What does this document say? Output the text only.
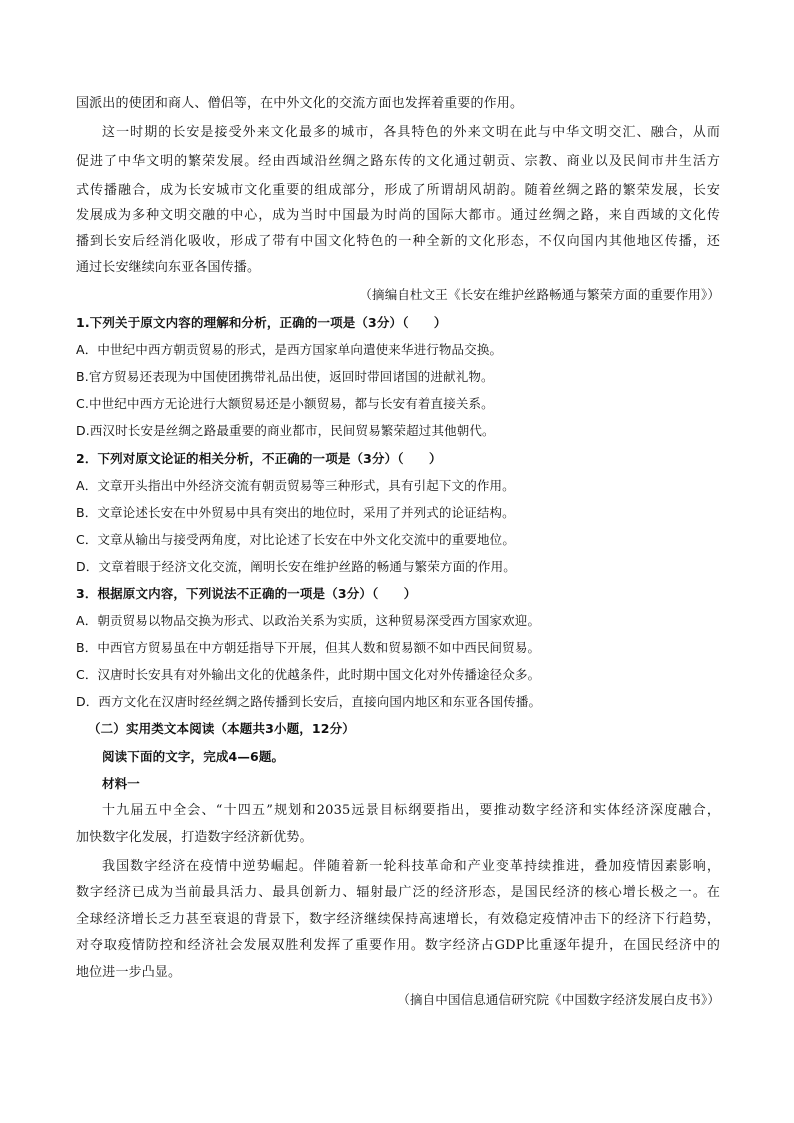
国派出的使团和商人、僧侣等，在中外文化的交流方面也发挥着重要的作用。
这一时期的长安是接受外来文化最多的城市，各具特色的外来文明在此与中华文明交汇、融合，从而
促进了中华文明的繁荣发展。经由西域沿丝绸之路东传的文化通过朝贡、宗教、商业以及民间市井生活方
式传播融合，成为长安城市文化重要的组成部分，形成了所谓胡风胡韵。随着丝绸之路的繁荣发展，长安
发展成为多种文明交融的中心，成为当时中国最为时尚的国际大都市。通过丝绸之路，来自西域的文化传
播到长安后经消化吸收，形成了带有中国文化特色的一种全新的文化形态，不仅向国内其他地区传播，还
通过长安继续向东亚各国传播。
（摘编自杜文王《长安在维护丝路畅通与繁荣方面的重要作用》）
1.下列关于原文内容的理解和分析，正确的一项是（3分）（　　）
A．中世纪中西方朝贡贸易的形式，是西方国家单向遣使来华进行物品交换。
B.官方贸易还表现为中国使团携带礼品出使，返回时带回诸国的进献礼物。
C.中世纪中西方无论进行大额贸易还是小额贸易，都与长安有着直接关系。
D.西汉时长安是丝绸之路最重要的商业都市，民间贸易繁荣超过其他朝代。
2．下列对原文论证的相关分析，不正确的一项是（3分）（　　）
A．文章开头指出中外经济交流有朝贡贸易等三种形式，具有引起下文的作用。
B．文章论述长安在中外贸易中具有突出的地位时，采用了并列式的论证结构。
C．文章从输出与接受两角度，对比论述了长安在中外文化交流中的重要地位。
D．文章着眼于经济文化交流，阐明长安在维护丝路的畅通与繁荣方面的作用。
3．根据原文内容，下列说法不正确的一项是（3分）（　　）
A．朝贡贸易以物品交换为形式、以政治关系为实质，这种贸易深受西方国家欢迎。
B．中西官方贸易虽在中方朝廷指导下开展，但其人数和贸易额不如中西民间贸易。
C．汉唐时长安具有对外输出文化的优越条件，此时期中国文化对外传播途径众多。
D．西方文化在汉唐时经丝绸之路传播到长安后，直接向国内地区和东亚各国传播。
（二）实用类文本阅读（本题共3小题，12分）
阅读下面的文字，完成4—6题。
材料一
十九届五中全会、“十四五”规划和2035远景目标纲要指出，要推动数字经济和实体经济深度融合，
加快数字化发展，打造数字经济新优势。
我国数字经济在疫情中逆势崛起。伴随着新一轮科技革命和产业变革持续推进，叠加疫情因素影响，
数字经济已成为当前最具活力、最具创新力、辐射最广泛的经济形态，是国民经济的核心增长极之一。在
全球经济增长乏力甚至衰退的背景下，数字经济继续保持高速增长，有效稳定疫情冲击下的经济下行趋势，
对夺取疫情防控和经济社会发展双胜利发挥了重要作用。数字经济占GDP比重逐年提升，在国民经济中的
地位进一步凸显。
（摘自中国信息通信研究院《中国数字经济发展白皮书》）
